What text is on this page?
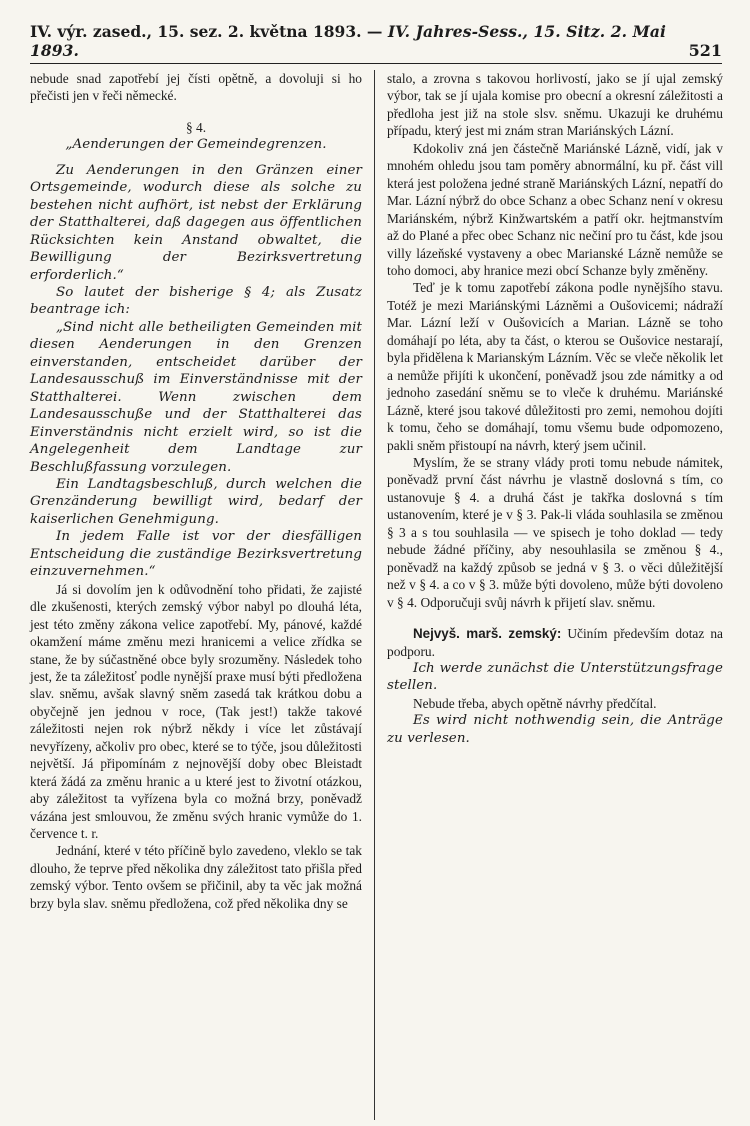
IV. výr. zased., 15. sez. 2. května 1893. — IV. Jahres-Sess., 15. Sitz. 2. Mai 1893.	521

nebude snad zapotřebí jej čísti opětně, a dovoluji si ho přečisti jen v řeči německé.

§ 4.

„Aenderungen der Gemeindegrenzen.

Zu Aenderungen in den Gränzen einer Ortsgemeinde, wodurch diese als solche zu bestehen nicht aufhört, ist nebst der Erklärung der Statthalterei, daß dagegen aus öffentlichen Rücksichten kein Anstand obwaltet, die Bewilligung der Bezirksvertretung erforderlich.“

So lautet der bisherige § 4; als Zusatz beantrage ich:

„Sind nicht alle betheiligten Gemeinden mit diesen Aenderungen in den Grenzen einverstanden, entscheidet darüber der Landesausschuß im Einverständnisse mit der Statthalterei. Wenn zwischen dem Landesausschuße und der Statthalterei das Einverständnis nicht erzielt wird, so ist die Angelegenheit dem Landtage zur Beschlußfassung vorzulegen.

Ein Landtagsbeschluß, durch welchen die Grenzänderung bewilligt wird, bedarf der kaiserlichen Genehmigung.

In jedem Falle ist vor der diesfälligen Entscheidung die zuständige Bezirksvertretung einzuvernehmen.“

Já si dovolím jen k odůvodnění toho přidati, že zajisté dle zkušenosti, kterých zemský výbor nabyl po dlouhá léta, jest této změny zákona velice zapotřebí. My, pánové, každé okamžení máme změnu mezi hranicemi a velice zřídka se stane, že by súčastněné obce byly srozuměny. Následek toho jest, že ta záležitosť podle nynější praxe musí býti předložena slav. sněmu, avšak slavný sněm zasedá tak krátkou dobu a obyčejně jen jednou v roce, (Tak jest!) takže takové záležitosti nejen rok nýbrž někdy i více let zůstávají nevyřízeny, ačkoliv pro obec, které se to týče, jsou důležitosti největší. Já připomínám z nejnovější doby obec Bleistadt která žádá za změnu hranic a u které jest to životní otázkou, aby záležitost ta vyřízena byla co možná brzy, poněvadž vázána jest smlouvou, že změnu svých hranic vymůže do 1. července t. r.

Jednání, které v této příčině bylo zavedeno, vleklo se tak dlouho, že teprve před několika dny záležitost tato přišla před zemský výbor. Tento ovšem se přičinil, aby ta věc jak možná brzy byla slav. sněmu předložena, což před několika dny se

stalo, a zrovna s takovou horlivostí, jako se jí ujal zemský výbor, tak se jí ujala komise pro obecní a okresní záležitosti a předloha jest již na stole slsv. sněmu. Ukazuji ke druhému případu, který jest mi znám stran Mariánských Lázní.

Kdokoliv zná jen částečně Mariánské Lázně, vidí, jak v mnohém ohledu jsou tam poměry abnormální, ku př. část vill která jest položena jedné straně Mariánských Lázní, nepatří do Mar. Lázní nýbrž do obce Schanz a obec Schanz není v okresu Mariánském, nýbrž Kinžwartském a patří okr. hejtmanstvím až do Plané a přec obec Schanz nic nečiní pro tu část, kde jsou villy lázeňské vystaveny a obec Marianské Lázně nemůže se toho domoci, aby hranice mezi obcí Schanze byly změněny.

Teď je k tomu zapotřebí zákona podle nynějšího stavu. Totéž je mezi Mariánskými Lázněmi a Oušovicemi; nádraží Mar. Lázní leží v Oušovicích a Marian. Lázně se toho domáhají po léta, aby ta část, o kterou se Oušovice nestarají, byla přidělena k Marianským Lázním. Věc se vleče několik let a nemůže přijíti k ukončení, poněvadž jsou zde námitky a od jednoho zasedání sněmu se to vleče k druhému. Mariánské Lázně, které jsou takové důležitosti pro zemi, nemohou dojíti k tomu, čeho se domáhají, tomu všemu bude odpomozeno, pakli sněm přistoupí na návrh, který jsem učinil.

Myslím, že se strany vlády proti tomu nebude námitek, poněvadž první část návrhu je vlastně doslovná s tím, co ustanovuje § 4. a druhá část je takřka doslovná s tím ustanovením, které je v § 3. Pak-li vláda souhlasila se změnou § 3 a s tou souhlasila — ve spisech je toho doklad — tedy nebude žádné příčiny, aby nesouhlasila se změnou § 4., poněvadž na každý způsob se jedná v § 3. o věci důležitější než v § 4. a co v § 3. může býti dovoleno, může býti dovoleno v § 4. Odporučuji svůj návrh k přijetí slav. sněmu.

Nejvyš. marš. zemský: Učiním především dotaz na podporu.

Ich werde zunächst die Unterstützungsfrage stellen.

Nebude třeba, abych opětně návrhy předčítal.

Es wird nicht nothwendig sein, die Anträge zu verlesen.
